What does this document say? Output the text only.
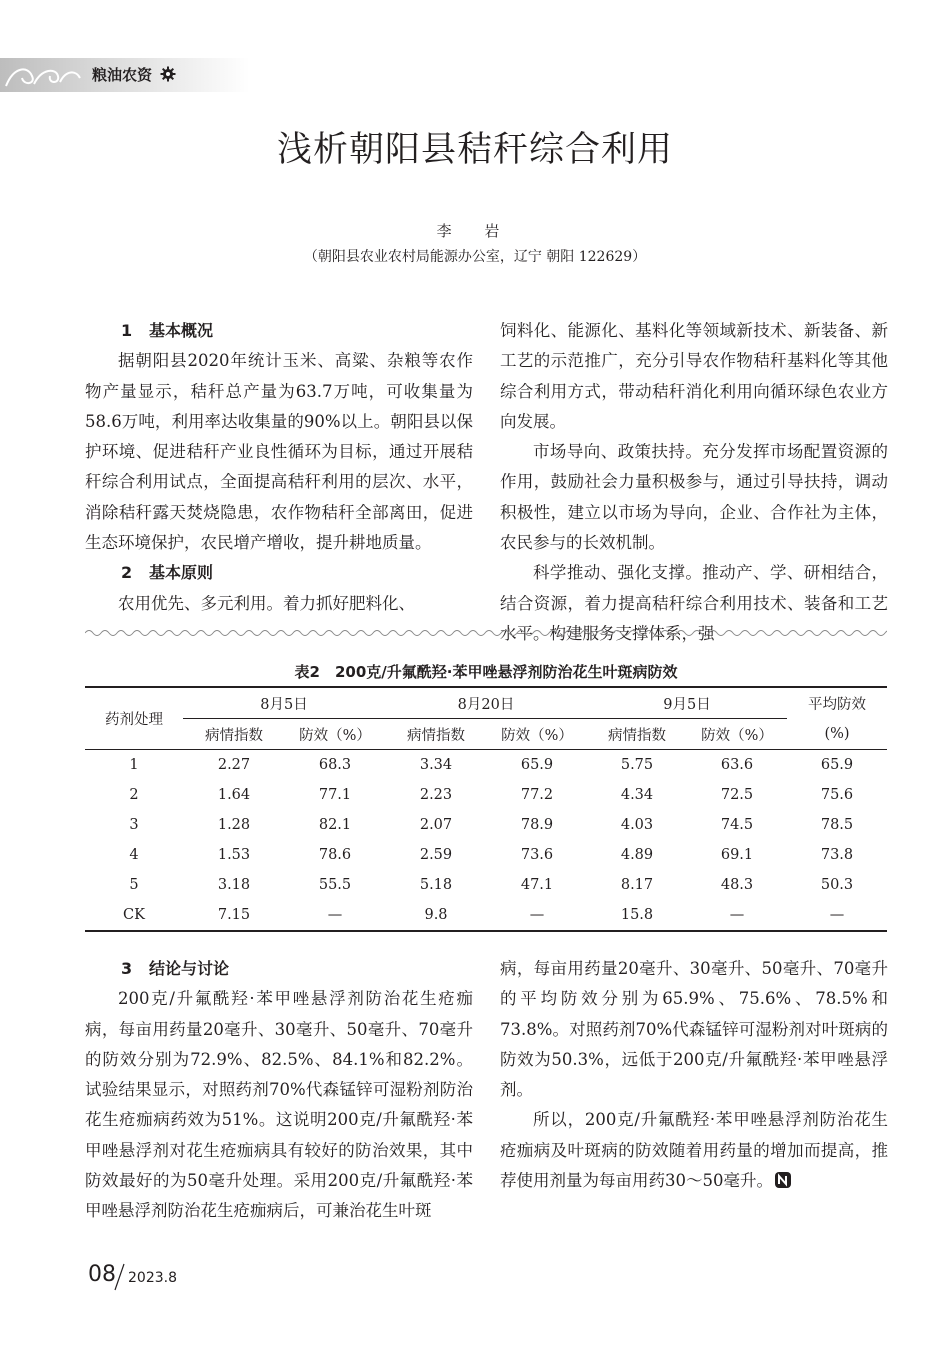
粮油农资
浅析朝阳县秸秆综合利用
李 岩
（朝阳县农业农村局能源办公室，辽宁 朝阳 122629）

1 基本概况

据朝阳县2020年统计玉米、高粱、杂粮等农作物产量显示，秸秆总产量为63.7万吨，可收集量为58.6万吨，利用率达收集量的90%以上。朝阳县以保护环境、促进秸秆产业良性循环为目标，通过开展秸秆综合利用试点，全面提高秸秆利用的层次、水平，消除秸秆露天焚烧隐患，农作物秸秆全部离田，促进生态环境保护，农民增产增收，提升耕地质量。

2 基本原则

农用优先、多元利用。着力抓好肥料化、

饲料化、能源化、基料化等领域新技术、新装备、新工艺的示范推广，充分引导农作物秸秆基料化等其他综合利用方式，带动秸秆消化利用向循环绿色农业方向发展。

市场导向、政策扶持。充分发挥市场配置资源的作用，鼓励社会力量积极参与，通过引导扶持，调动积极性，建立以市场为导向，企业、合作社为主体，农民参与的长效机制。

科学推动、强化支撑。推动产、学、研相结合，结合资源，着力提高秸秆综合利用技术、装备和工艺水平。构建服务支撑体系，强

表2　200克/升氟酰羟·苯甲唑悬浮剂防治花生叶斑病防效
药剂处理	8月5日		8月20日		9月5日		平均防效
	病情指数	防效（%）	病情指数	防效（%）	病情指数	防效（%）	(%)
1	2.27	68.3	3.34	65.9	5.75	63.6	65.9
2	1.64	77.1	2.23	77.2	4.34	72.5	75.6
3	1.28	82.1	2.07	78.9	4.03	74.5	78.5
4	1.53	78.6	2.59	73.6	4.89	69.1	73.8
5	3.18	55.5	5.18	47.1	8.17	48.3	50.3
CK	7.15	—	9.8	—	15.8	—	—

3 结论与讨论

200克/升氟酰羟·苯甲唑悬浮剂防治花生疮痂病，每亩用药量20毫升、30毫升、50毫升、70毫升的防效分别为72.9%、82.5%、84.1%和82.2%。试验结果显示，对照药剂70%代森锰锌可湿粉剂防治花生疮痂病药效为51%。这说明200克/升氟酰羟·苯甲唑悬浮剂对花生疮痂病具有较好的防治效果，其中防效最好的为50毫升处理。采用200克/升氟酰羟·苯甲唑悬浮剂防治花生疮痂病后，可兼治花生叶斑

病，每亩用药量20毫升、30毫升、50毫升、70毫升的平均防效分别为65.9%、75.6%、78.5%和73.8%。对照药剂70%代森锰锌可湿粉剂对叶斑病的防效为50.3%，远低于200克/升氟酰羟·苯甲唑悬浮剂。

所以，200克/升氟酰羟·苯甲唑悬浮剂防治花生疮痂病及叶斑病的防效随着用药量的增加而提高，推荐使用剂量为每亩用药30～50毫升。

08 2023.8
